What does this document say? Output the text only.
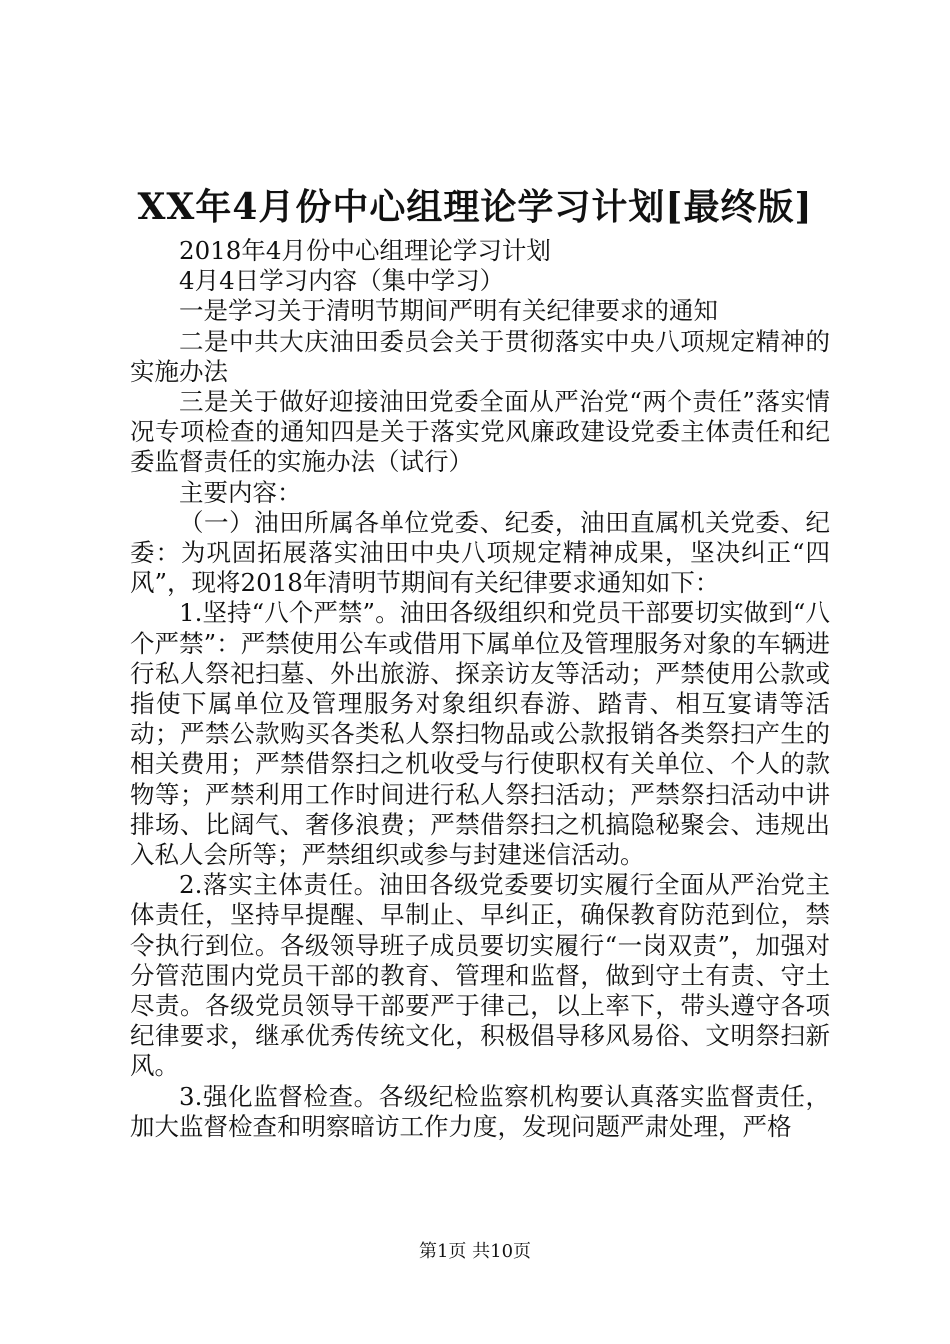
XX年4月份中心组理论学习计划[最终版]

2018年4月份中心组理论学习计划

4月4日学习内容（集中学习）

一是学习关于清明节期间严明有关纪律要求的通知

二是中共大庆油田委员会关于贯彻落实中央八项规定精神的实施办法

三是关于做好迎接油田党委全面从严治党“两个责任”落实情况专项检查的通知四是关于落实党风廉政建设党委主体责任和纪委监督责任的实施办法（试行）

主要内容：

（一）油田所属各单位党委、纪委，油田直属机关党委、纪委：为巩固拓展落实油田中央八项规定精神成果，坚决纠正“四风”，现将2018年清明节期间有关纪律要求通知如下：

1.坚持“八个严禁”。油田各级组织和党员干部要切实做到“八个严禁”：严禁使用公车或借用下属单位及管理服务对象的车辆进行私人祭祀扫墓、外出旅游、探亲访友等活动；严禁使用公款或指使下属单位及管理服务对象组织春游、踏青、相互宴请等活动；严禁公款购买各类私人祭扫物品或公款报销各类祭扫产生的相关费用；严禁借祭扫之机收受与行使职权有关单位、个人的款物等；严禁利用工作时间进行私人祭扫活动；严禁祭扫活动中讲排场、比阔气、奢侈浪费；严禁借祭扫之机搞隐秘聚会、违规出入私人会所等；严禁组织或参与封建迷信活动。

2.落实主体责任。油田各级党委要切实履行全面从严治党主体责任，坚持早提醒、早制止、早纠正，确保教育防范到位，禁令执行到位。各级领导班子成员要切实履行“一岗双责”，加强对分管范围内党员干部的教育、管理和监督，做到守土有责、守土尽责。各级党员领导干部要严于律己，以上率下，带头遵守各项纪律要求，继承优秀传统文化，积极倡导移风易俗、文明祭扫新风。

3.强化监督检查。各级纪检监察机构要认真落实监督责任，加大监督检查和明察暗访工作力度，发现问题严肃处理，严格

第1页 共10页
